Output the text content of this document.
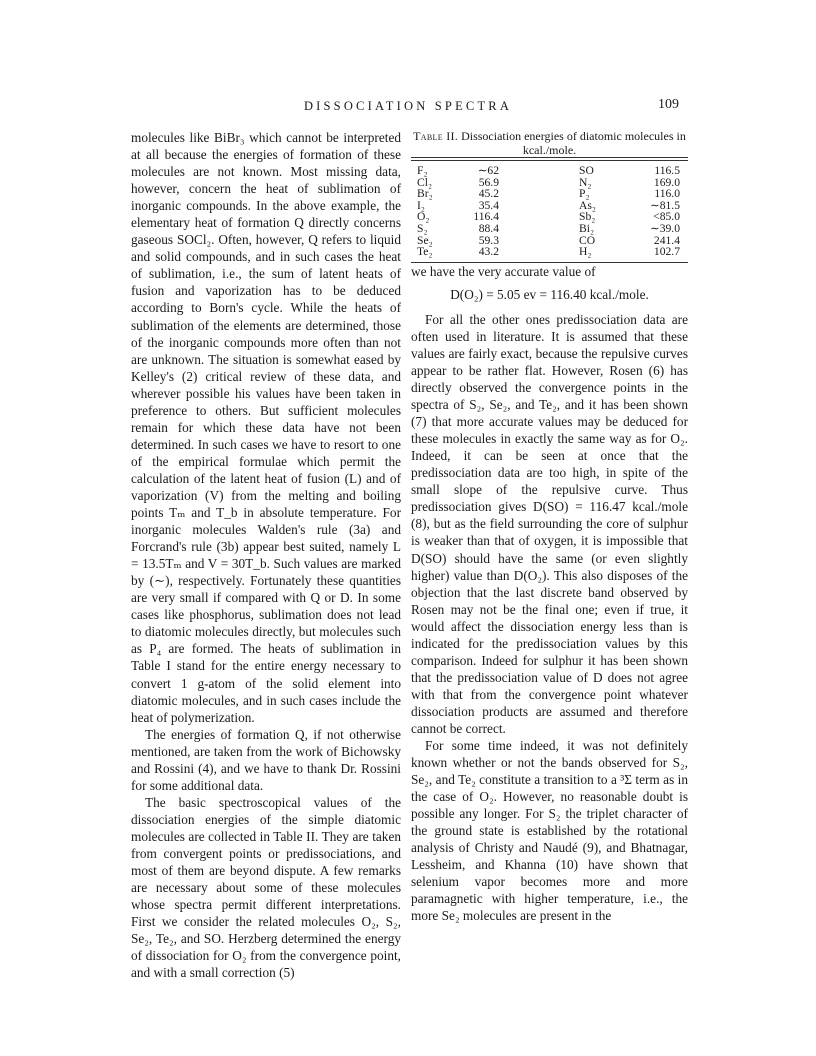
DISSOCIATION SPECTRA	109

molecules like BiBr₃ which cannot be interpreted at all because the energies of formation of these molecules are not known. Most missing data, however, concern the heat of sublimation of inorganic compounds. In the above example, the elementary heat of formation Q directly concerns gaseous SOCl₂. Often, however, Q refers to liquid and solid compounds, and in such cases the heat of sublimation, i.e., the sum of latent heats of fusion and vaporization has to be deduced according to Born's cycle. While the heats of sublimation of the elements are determined, those of the inorganic compounds more often than not are unknown. The situation is somewhat eased by Kelley's (2) critical review of these data, and wherever possible his values have been taken in preference to others. But sufficient molecules remain for which these data have not been determined. In such cases we have to resort to one of the empirical formulae which permit the calculation of the latent heat of fusion (L) and of vaporization (V) from the melting and boiling points Tₘ and T_b in absolute temperature. For inorganic molecules Walden's rule (3a) and Forcrand's rule (3b) appear best suited, namely L = 13.5Tₘ and V = 30T_b. Such values are marked by (∼), respectively. Fortunately these quantities are very small if compared with Q or D. In some cases like phosphorus, sublimation does not lead to diatomic molecules directly, but molecules such as P₄ are formed. The heats of sublimation in Table I stand for the entire energy necessary to convert 1 g-atom of the solid element into diatomic molecules, and in such cases include the heat of polymerization.

The energies of formation Q, if not otherwise mentioned, are taken from the work of Bichowsky and Rossini (4), and we have to thank Dr. Rossini for some additional data.

The basic spectroscopical values of the dissociation energies of the simple diatomic molecules are collected in Table II. They are taken from convergent points or predissociations, and most of them are beyond dispute. A few remarks are necessary about some of these molecules whose spectra permit different interpretations. First we consider the related molecules O₂, S₂, Se₂, Te₂, and SO. Herzberg determined the energy of dissociation for O₂ from the convergence point, and with a small correction (5)

Table II. Dissociation energies of diatomic molecules in kcal./mole.

F₂	∼62	SO	116.5
Cl₂	56.9	N₂	169.0
Br₂	45.2	P₂	116.0
I₂	35.4	As₂	∼81.5
O₂	116.4	Sb₂	<85.0
S₂	88.4	Bi₂	∼39.0
Se₂	59.3	CO	241.4
Te₂	43.2	H₂	102.7

we have the very accurate value of

D(O₂) = 5.05 ev = 116.40 kcal./mole.

For all the other ones predissociation data are often used in literature. It is assumed that these values are fairly exact, because the repulsive curves appear to be rather flat. However, Rosen (6) has directly observed the convergence points in the spectra of S₂, Se₂, and Te₂, and it has been shown (7) that more accurate values may be deduced for these molecules in exactly the same way as for O₂. Indeed, it can be seen at once that the predissociation data are too high, in spite of the small slope of the repulsive curve. Thus predissociation gives D(SO) = 116.47 kcal./mole (8), but as the field surrounding the core of sulphur is weaker than that of oxygen, it is impossible that D(SO) should have the same (or even slightly higher) value than D(O₂). This also disposes of the objection that the last discrete band observed by Rosen may not be the final one; even if true, it would affect the dissociation energy less than is indicated for the predissociation values by this comparison. Indeed for sulphur it has been shown that the predissociation value of D does not agree with that from the convergence point whatever dissociation products are assumed and therefore cannot be correct.

For some time indeed, it was not definitely known whether or not the bands observed for S₂, Se₂, and Te₂ constitute a transition to a ³Σ term as in the case of O₂. However, no reasonable doubt is possible any longer. For S₂ the triplet character of the ground state is established by the rotational analysis of Christy and Naudé (9), and Bhatnagar, Lessheim, and Khanna (10) have shown that selenium vapor becomes more and more paramagnetic with higher temperature, i.e., the more Se₂ molecules are present in the
